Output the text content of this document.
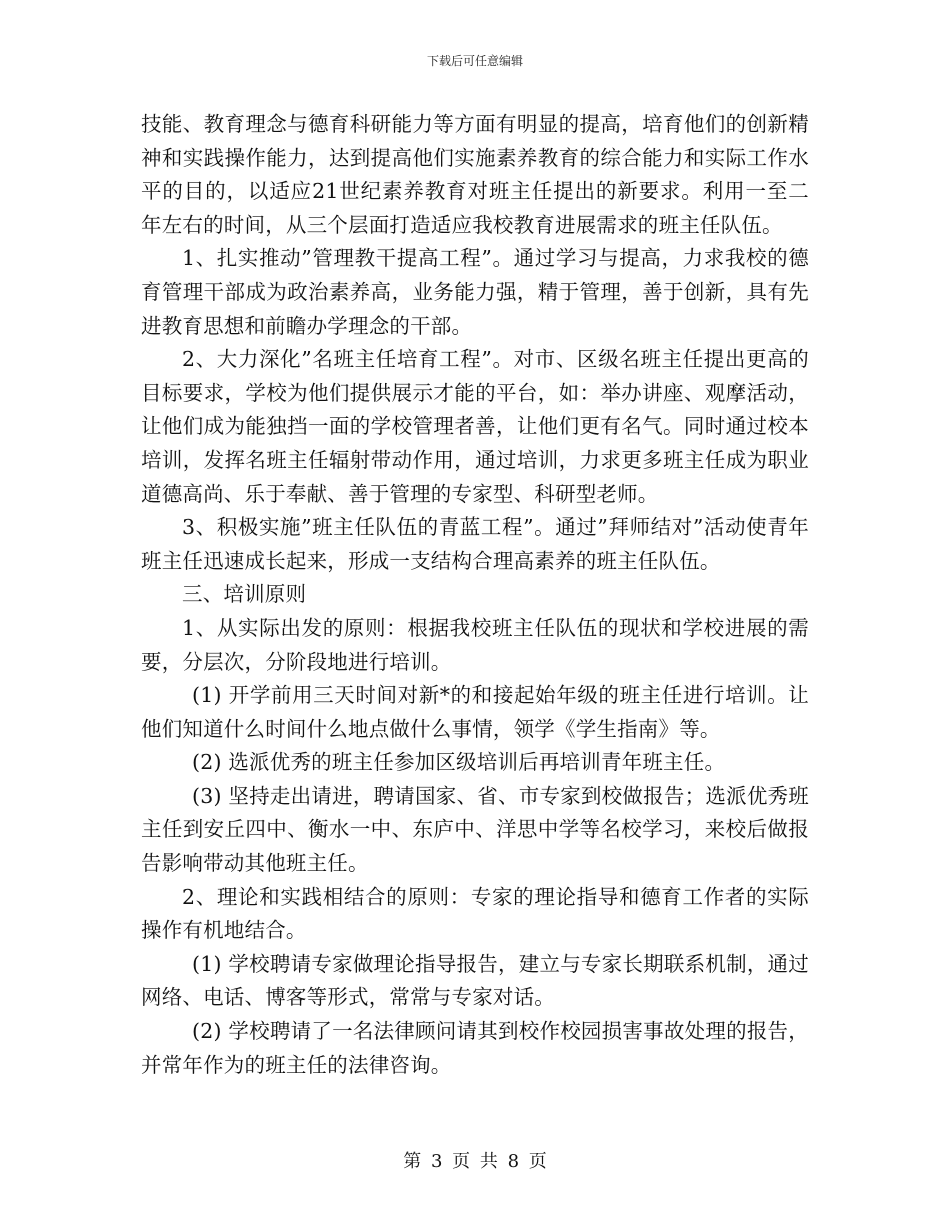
下载后可任意编辑

技能、教育理念与德育科研能力等方面有明显的提高，培育他们的创新精神和实践操作能力，达到提高他们实施素养教育的综合能力和实际工作水平的目的，以适应21世纪素养教育对班主任提出的新要求。利用一至二年左右的时间，从三个层面打造适应我校教育进展需求的班主任队伍。

1、扎实推动”管理教干提高工程”。通过学习与提高，力求我校的德育管理干部成为政治素养高，业务能力强，精于管理，善于创新，具有先进教育思想和前瞻办学理念的干部。

2、大力深化”名班主任培育工程”。对市、区级名班主任提出更高的目标要求，学校为他们提供展示才能的平台，如：举办讲座、观摩活动，让他们成为能独挡一面的学校管理者善，让他们更有名气。同时通过校本培训，发挥名班主任辐射带动作用，通过培训，力求更多班主任成为职业道德高尚、乐于奉献、善于管理的专家型、科研型老师。

3、积极实施”班主任队伍的青蓝工程”。通过”拜师结对”活动使青年班主任迅速成长起来，形成一支结构合理高素养的班主任队伍。

三、培训原则

1、从实际出发的原则：根据我校班主任队伍的现状和学校进展的需要，分层次，分阶段地进行培训。

(1) 开学前用三天时间对新*的和接起始年级的班主任进行培训。让他们知道什么时间什么地点做什么事情，领学《学生指南》等。

(2) 选派优秀的班主任参加区级培训后再培训青年班主任。

(3) 坚持走出请进，聘请国家、省、市专家到校做报告；选派优秀班主任到安丘四中、衡水一中、东庐中、洋思中学等名校学习，来校后做报告影响带动其他班主任。

2、理论和实践相结合的原则：专家的理论指导和德育工作者的实际操作有机地结合。

(1) 学校聘请专家做理论指导报告，建立与专家长期联系机制，通过网络、电话、博客等形式，常常与专家对话。

(2) 学校聘请了一名法律顾问请其到校作校园损害事故处理的报告，并常年作为的班主任的法律咨询。

第 3 页 共 8 页
